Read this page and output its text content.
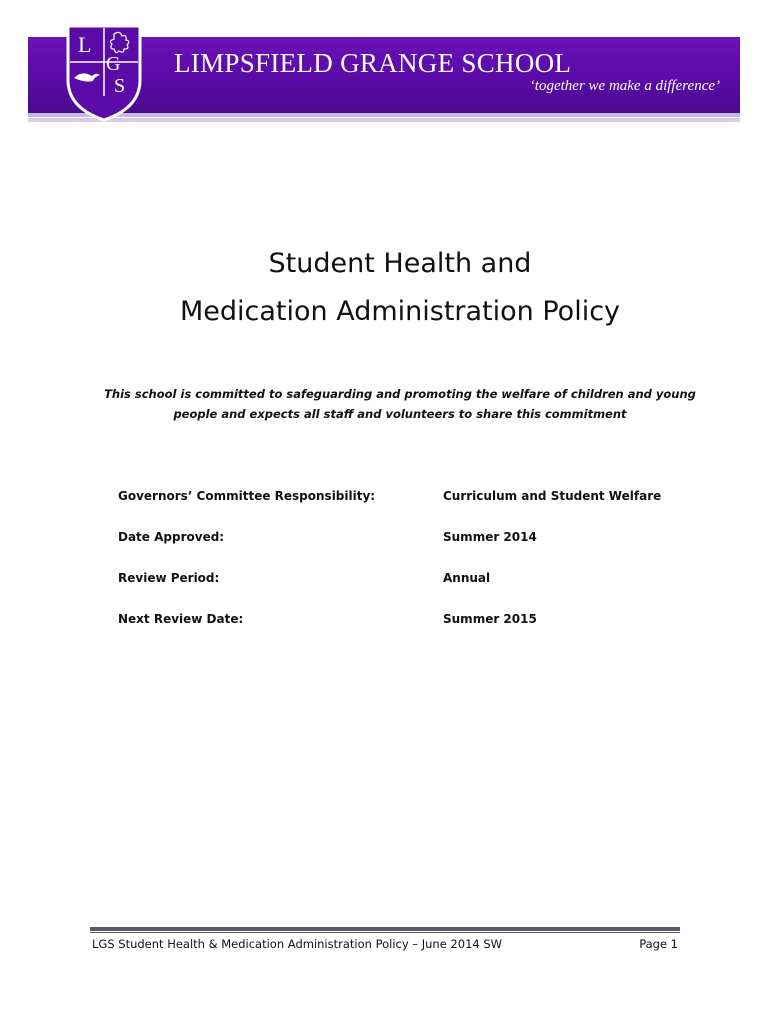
L
G
S
LIMPSFIELD GRANGE SCHOOL
‘together we make a difference’
Student Health and
Medication Administration Policy
This school is committed to safeguarding and promoting the welfare of children and young people and expects all staff and volunteers to share this commitment
Governors’ Committee Responsibility:	Curriculum and Student Welfare
Date Approved:	Summer 2014
Review Period:	Annual
Next Review Date:	Summer 2015
LGS Student Health & Medication Administration Policy – June 2014 SW	Page 1
